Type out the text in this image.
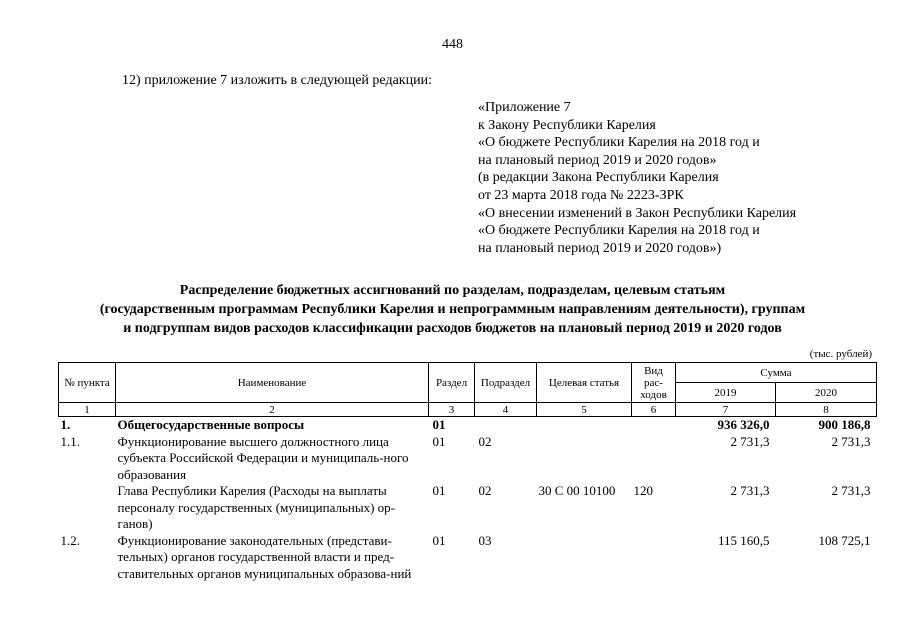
448
12) приложение 7 изложить в следующей редакции:
«Приложение 7
к Закону Республики Карелия
«О бюджете Республики Карелия на 2018 год и
на плановый период 2019 и 2020 годов»
(в редакции Закона Республики Карелия
от 23 марта 2018 года № 2223-ЗРК
«О внесении изменений в Закон Республики Карелия
«О бюджете Республики Карелия на 2018 год и
на плановый период 2019 и 2020 годов»)
Распределение бюджетных ассигнований по разделам, подразделам, целевым статьям
(государственным программам Республики Карелия и непрограммным направлениям деятельности), группам
и подгруппам видов расходов классификации расходов бюджетов на плановый период 2019 и 2020 годов
(тыс. рублей)
№ пункта	Наименование	Раздел	Подраздел	Целевая статья	Вид рас-ходов	Сумма	
						2019	2020
1	2	3	4	5	6	7	8
1.	Общегосударственные вопросы	01				936 326,0	900 186,8
1.1.	Функционирование высшего должностного лица субъекта Российской Федерации и муниципаль-ного образования	01	02			2 731,3	2 731,3
	Глава Республики Карелия (Расходы на выплаты персоналу государственных (муниципальных) ор-ганов)	01	02	30 С 00 10100	120	2 731,3	2 731,3
1.2.	Функционирование законодательных (представи-тельных) органов государственной власти и пред-ставительных органов муниципальных образова-ний	01	03			115 160,5	108 725,1
